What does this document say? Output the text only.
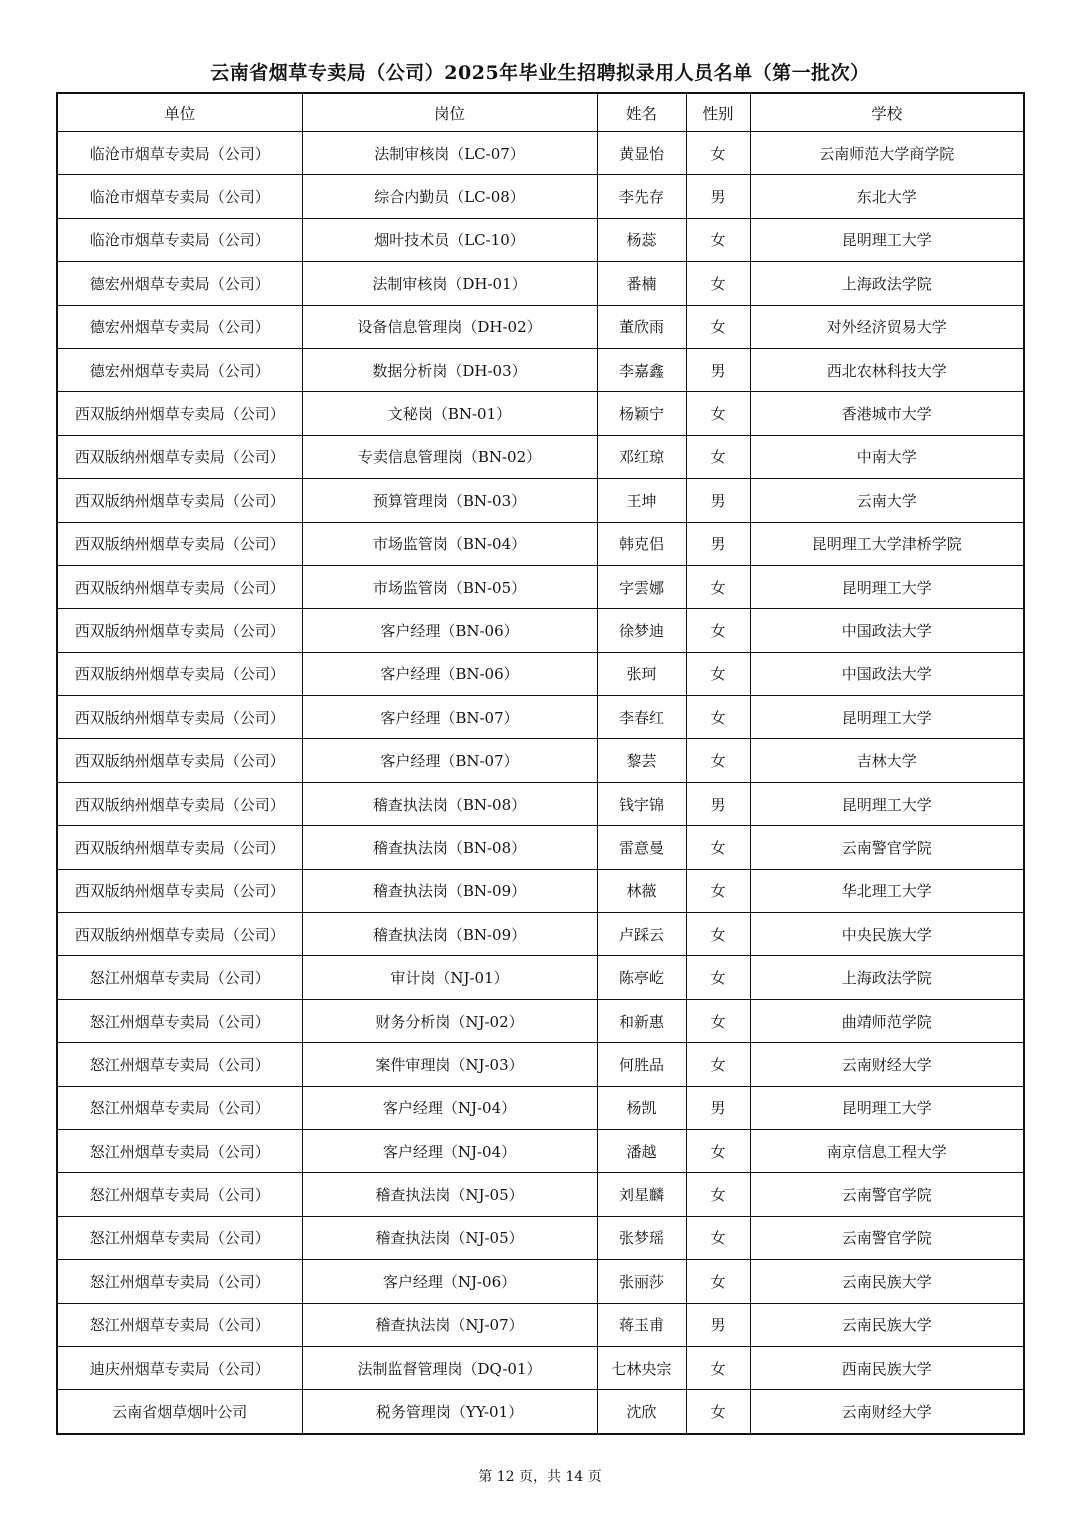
云南省烟草专卖局（公司）2025年毕业生招聘拟录用人员名单（第一批次）
单位	岗位	姓名	性别	学校
临沧市烟草专卖局（公司）	法制审核岗（LC-07）	黄显怡	女	云南师范大学商学院
临沧市烟草专卖局（公司）	综合内勤员（LC-08）	李先存	男	东北大学
临沧市烟草专卖局（公司）	烟叶技术员（LC-10）	杨蕊	女	昆明理工大学
德宏州烟草专卖局（公司）	法制审核岗（DH-01）	番楠	女	上海政法学院
德宏州烟草专卖局（公司）	设备信息管理岗（DH-02）	董欣雨	女	对外经济贸易大学
德宏州烟草专卖局（公司）	数据分析岗（DH-03）	李嘉鑫	男	西北农林科技大学
西双版纳州烟草专卖局（公司）	文秘岗（BN-01）	杨颖宁	女	香港城市大学
西双版纳州烟草专卖局（公司）	专卖信息管理岗（BN-02）	邓红琼	女	中南大学
西双版纳州烟草专卖局（公司）	预算管理岗（BN-03）	王坤	男	云南大学
西双版纳州烟草专卖局（公司）	市场监管岗（BN-04）	韩克侣	男	昆明理工大学津桥学院
西双版纳州烟草专卖局（公司）	市场监管岗（BN-05）	字雲娜	女	昆明理工大学
西双版纳州烟草专卖局（公司）	客户经理（BN-06）	徐梦迪	女	中国政法大学
西双版纳州烟草专卖局（公司）	客户经理（BN-06）	张珂	女	中国政法大学
西双版纳州烟草专卖局（公司）	客户经理（BN-07）	李春红	女	昆明理工大学
西双版纳州烟草专卖局（公司）	客户经理（BN-07）	黎芸	女	吉林大学
西双版纳州烟草专卖局（公司）	稽查执法岗（BN-08）	钱宇锦	男	昆明理工大学
西双版纳州烟草专卖局（公司）	稽查执法岗（BN-08）	雷意曼	女	云南警官学院
西双版纳州烟草专卖局（公司）	稽查执法岗（BN-09）	林薇	女	华北理工大学
西双版纳州烟草专卖局（公司）	稽查执法岗（BN-09）	卢踩云	女	中央民族大学
怒江州烟草专卖局（公司）	审计岗（NJ-01）	陈亭屹	女	上海政法学院
怒江州烟草专卖局（公司）	财务分析岗（NJ-02）	和新惠	女	曲靖师范学院
怒江州烟草专卖局（公司）	案件审理岗（NJ-03）	何胜品	女	云南财经大学
怒江州烟草专卖局（公司）	客户经理（NJ-04）	杨凯	男	昆明理工大学
怒江州烟草专卖局（公司）	客户经理（NJ-04）	潘越	女	南京信息工程大学
怒江州烟草专卖局（公司）	稽查执法岗（NJ-05）	刘星麟	女	云南警官学院
怒江州烟草专卖局（公司）	稽查执法岗（NJ-05）	张梦瑶	女	云南警官学院
怒江州烟草专卖局（公司）	客户经理（NJ-06）	张丽莎	女	云南民族大学
怒江州烟草专卖局（公司）	稽查执法岗（NJ-07）	蒋玉甫	男	云南民族大学
迪庆州烟草专卖局（公司）	法制监督管理岗（DQ-01）	七林央宗	女	西南民族大学
云南省烟草烟叶公司	税务管理岗（YY-01）	沈欣	女	云南财经大学
第 12 页，共 14 页
